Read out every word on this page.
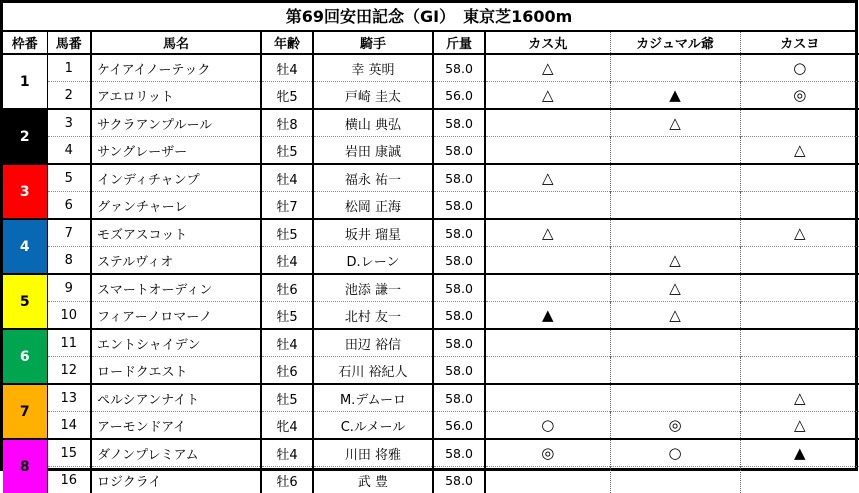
第69回安田記念（GI）　東京芝1600m
枠番	馬番	馬名	年齢	騎手	斤量	カス丸	カジュマル爺	カスヨ
1	1	ケイアイノーテック	牡4	幸 英明	58.0	△		○
	2	アエロリット	牝5	戸崎 圭太	56.0	△	▲	◎
2	3	サクラアンプルール	牡8	横山 典弘	58.0		△	
	4	サングレーザー	牡5	岩田 康誠	58.0			△
3	5	インディチャンプ	牡4	福永 祐一	58.0	△		
	6	グァンチャーレ	牡7	松岡 正海	58.0			
4	7	モズアスコット	牡5	坂井 瑠星	58.0	△		△
	8	ステルヴィオ	牡4	D.レーン	58.0		△	
5	9	スマートオーディン	牡6	池添 謙一	58.0		△	
	10	フィアーノロマーノ	牡5	北村 友一	58.0	▲	△	
6	11	エントシャイデン	牡4	田辺 裕信	58.0			
	12	ロードクエスト	牡6	石川 裕紀人	58.0			
7	13	ペルシアンナイト	牡5	M.デムーロ	58.0			△
	14	アーモンドアイ	牝4	C.ルメール	56.0	○	◎	△
8	15	ダノンプレミアム	牡4	川田 将雅	58.0	◎	○	▲
	16	ロジクライ	牡6	武 豊	58.0			
